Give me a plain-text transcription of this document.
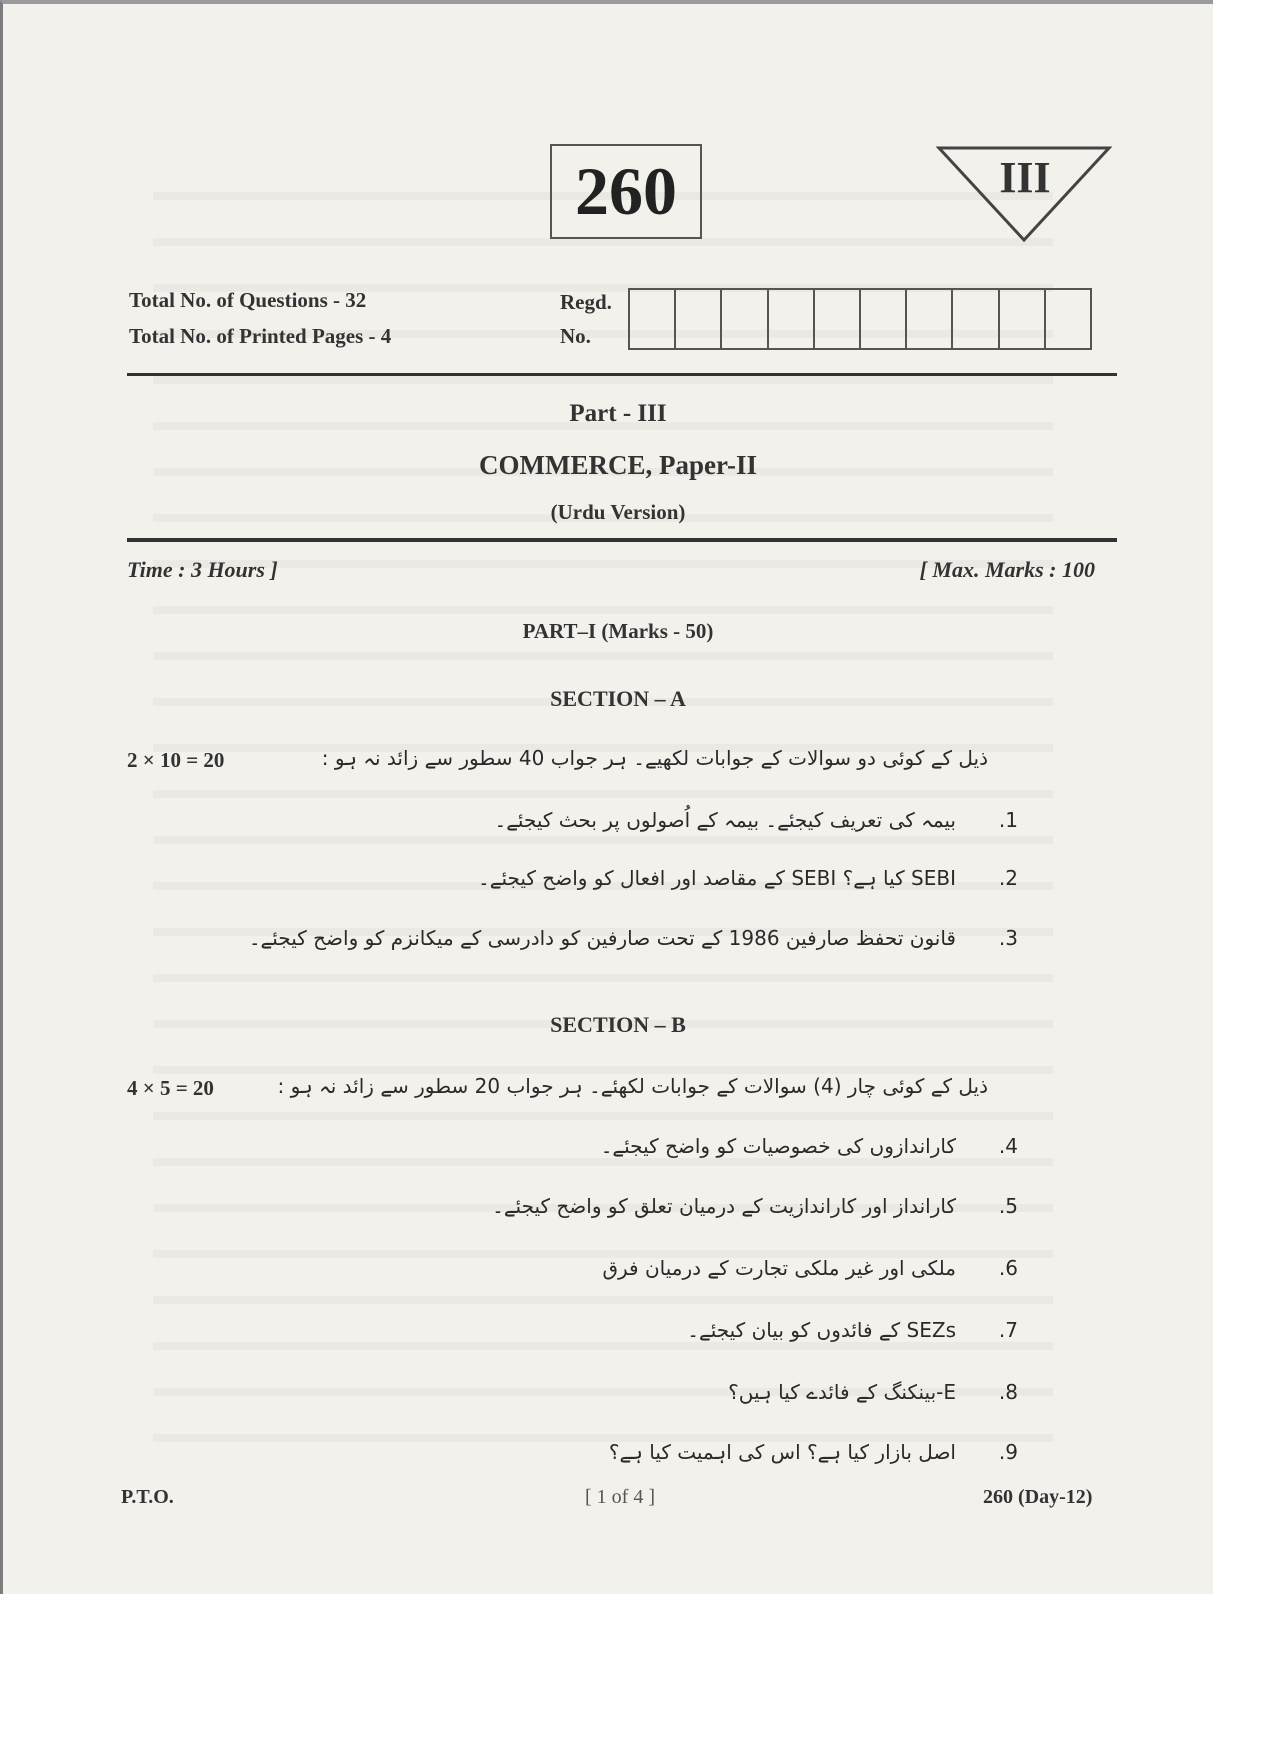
260	III
Total No. of Questions - 32
Total No. of Printed Pages - 4
Regd.
No.
Part - III
COMMERCE, Paper-II
(Urdu Version)
Time : 3 Hours ]	[ Max. Marks : 100
PART–I (Marks - 50)
SECTION – A
2 × 10 = 20	ذیل کے کوئی دو سوالات کے جوابات لکھیے۔ ہر جواب 40 سطور سے زائد نہ ہو :
.1بیمہ کی تعریف کیجئے۔ بیمہ کے اُصولوں پر بحث کیجئے۔
.2SEBI کیا ہے؟ SEBI کے مقاصد اور افعال کو واضح کیجئے۔
.3قانون تحفظ صارفین 1986 کے تحت صارفین کو دادرسی کے میکانزم کو واضح کیجئے۔
SECTION – B
4 × 5 = 20	ذیل کے کوئی چار (4) سوالات کے جوابات لکھئے۔ ہر جواب 20 سطور سے زائد نہ ہو :
.4کاراندازوں کی خصوصیات کو واضح کیجئے۔
.5کارانداز اور کاراندازیت کے درمیان تعلق کو واضح کیجئے۔
.6ملکی اور غیر ملکی تجارت کے درمیان فرق
.7SEZs کے فائدوں کو بیان کیجئے۔
.8E-بینکنگ کے فائدے کیا ہیں؟
.9اصل بازار کیا ہے؟ اس کی اہمیت کیا ہے؟
P.T.O.	[ 1 of 4 ]	260 (Day-12)
